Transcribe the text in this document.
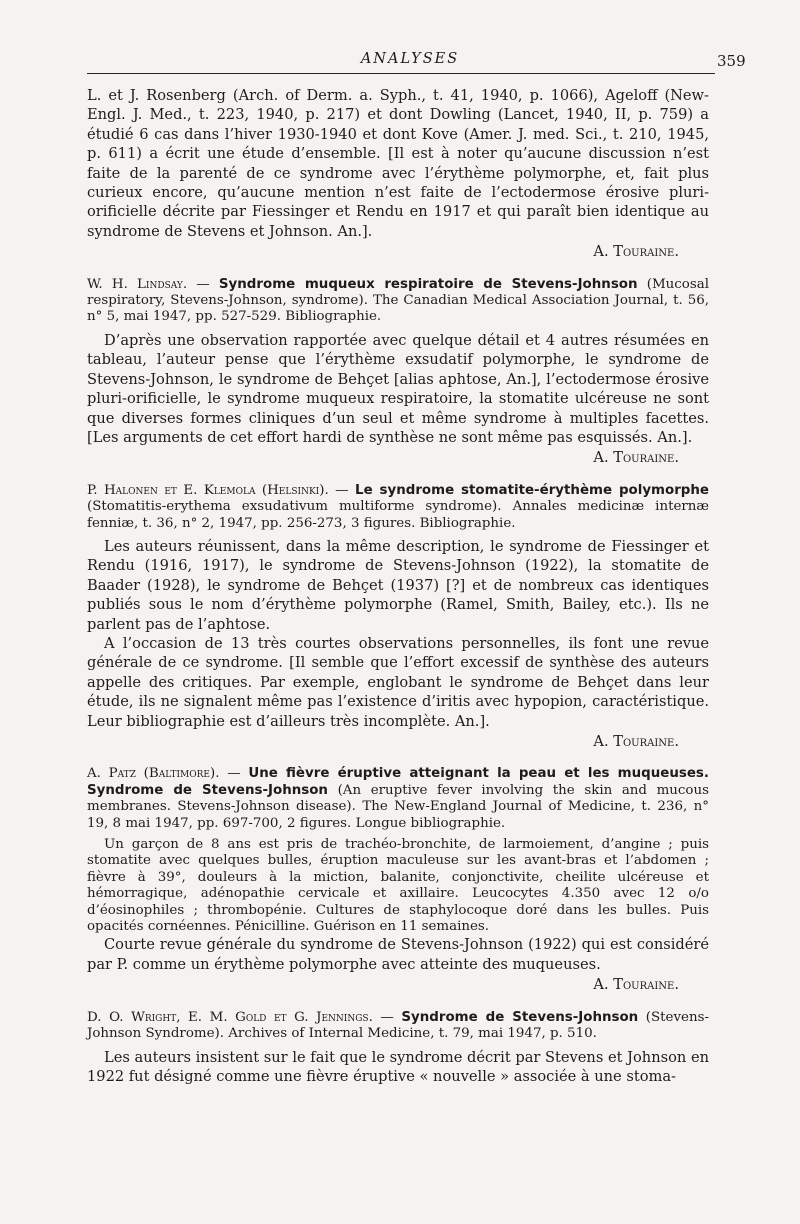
ANALYSES	359

L. et J. Rosenberg (Arch. of Derm. a. Syph., t. 41, 1940, p. 1066), Ageloff (New-Engl. J. Med., t. 223, 1940, p. 217) et dont Dowling (Lancet, 1940, II, p. 759) a étudié 6 cas dans l’hiver 1930-1940 et dont Kove (Amer. J. med. Sci., t. 210, 1945, p. 611) a écrit une étude d’ensemble. [Il est à noter qu’aucune discussion n’est faite de la parenté de ce syndrome avec l’érythème polymorphe, et, fait plus curieux encore, qu’aucune mention n’est faite de l’ectodermose érosive pluri-orificielle décrite par Fiessinger et Rendu en 1917 et qui paraît bien identique au syndrome de Stevens et Johnson. An.].

A. Touraine.
W. H. Lindsay. — Syndrome muqueux respiratoire de Stevens-Johnson (Mucosal respiratory, Stevens-Johnson, syndrome). The Canadian Medical Association Journal, t. 56, n° 5, mai 1947, pp. 527-529. Bibliographie.

D’après une observation rapportée avec quelque détail et 4 autres résumées en tableau, l’auteur pense que l’érythème exsudatif polymorphe, le syndrome de Stevens-Johnson, le syndrome de Behçet [alias aphtose, An.], l’ectodermose érosive pluri-orificielle, le syndrome muqueux respiratoire, la stomatite ulcéreuse ne sont que diverses formes cliniques d’un seul et même syndrome à multiples facettes. [Les arguments de cet effort hardi de synthèse ne sont même pas esquissés. An.].

A. Touraine.
P. Halonen et E. Klemola (Helsinki). — Le syndrome stomatite-érythème polymorphe (Stomatitis-erythema exsudativum multiforme syndrome). Annales medicinæ internæ fenniæ, t. 36, n° 2, 1947, pp. 256-273, 3 figures. Bibliographie.

Les auteurs réunissent, dans la même description, le syndrome de Fiessinger et Rendu (1916, 1917), le syndrome de Stevens-Johnson (1922), la stomatite de Baader (1928), le syndrome de Behçet (1937) [?] et de nombreux cas identiques publiés sous le nom d’érythème polymorphe (Ramel, Smith, Bailey, etc.). Ils ne parlent pas de l’aphtose.

A l’occasion de 13 très courtes observations personnelles, ils font une revue générale de ce syndrome. [Il semble que l’effort excessif de synthèse des auteurs appelle des critiques. Par exemple, englobant le syndrome de Behçet dans leur étude, ils ne signalent même pas l’existence d’iritis avec hypopion, caractéristique. Leur bibliographie est d’ailleurs très incomplète. An.].

A. Touraine.
A. Patz (Baltimore). — Une fièvre éruptive atteignant la peau et les muqueuses. Syndrome de Stevens-Johnson (An eruptive fever involving the skin and mucous membranes. Stevens-Johnson disease). The New-England Journal of Medicine, t. 236, n° 19, 8 mai 1947, pp. 697-700, 2 figures. Longue bibliographie.

Un garçon de 8 ans est pris de trachéo-bronchite, de larmoiement, d’angine ; puis stomatite avec quelques bulles, éruption maculeuse sur les avant-bras et l’abdomen ; fièvre à 39°, douleurs à la miction, balanite, conjonctivite, cheilite ulcéreuse et hémorragique, adénopathie cervicale et axillaire. Leucocytes 4.350 avec 12 o/o d’éosinophiles ; thrombopénie. Cultures de staphylocoque doré dans les bulles. Puis opacités cornéennes. Pénicilline. Guérison en 11 semaines.

Courte revue générale du syndrome de Stevens-Johnson (1922) qui est considéré par P. comme un érythème polymorphe avec atteinte des muqueuses.

A. Touraine.
D. O. Wright, E. M. Gold et G. Jennings. — Syndrome de Stevens-Johnson (Stevens-Johnson Syndrome). Archives of Internal Medicine, t. 79, mai 1947, p. 510.

Les auteurs insistent sur le fait que le syndrome décrit par Stevens et Johnson en 1922 fut désigné comme une fièvre éruptive « nouvelle » associée à une stoma-
